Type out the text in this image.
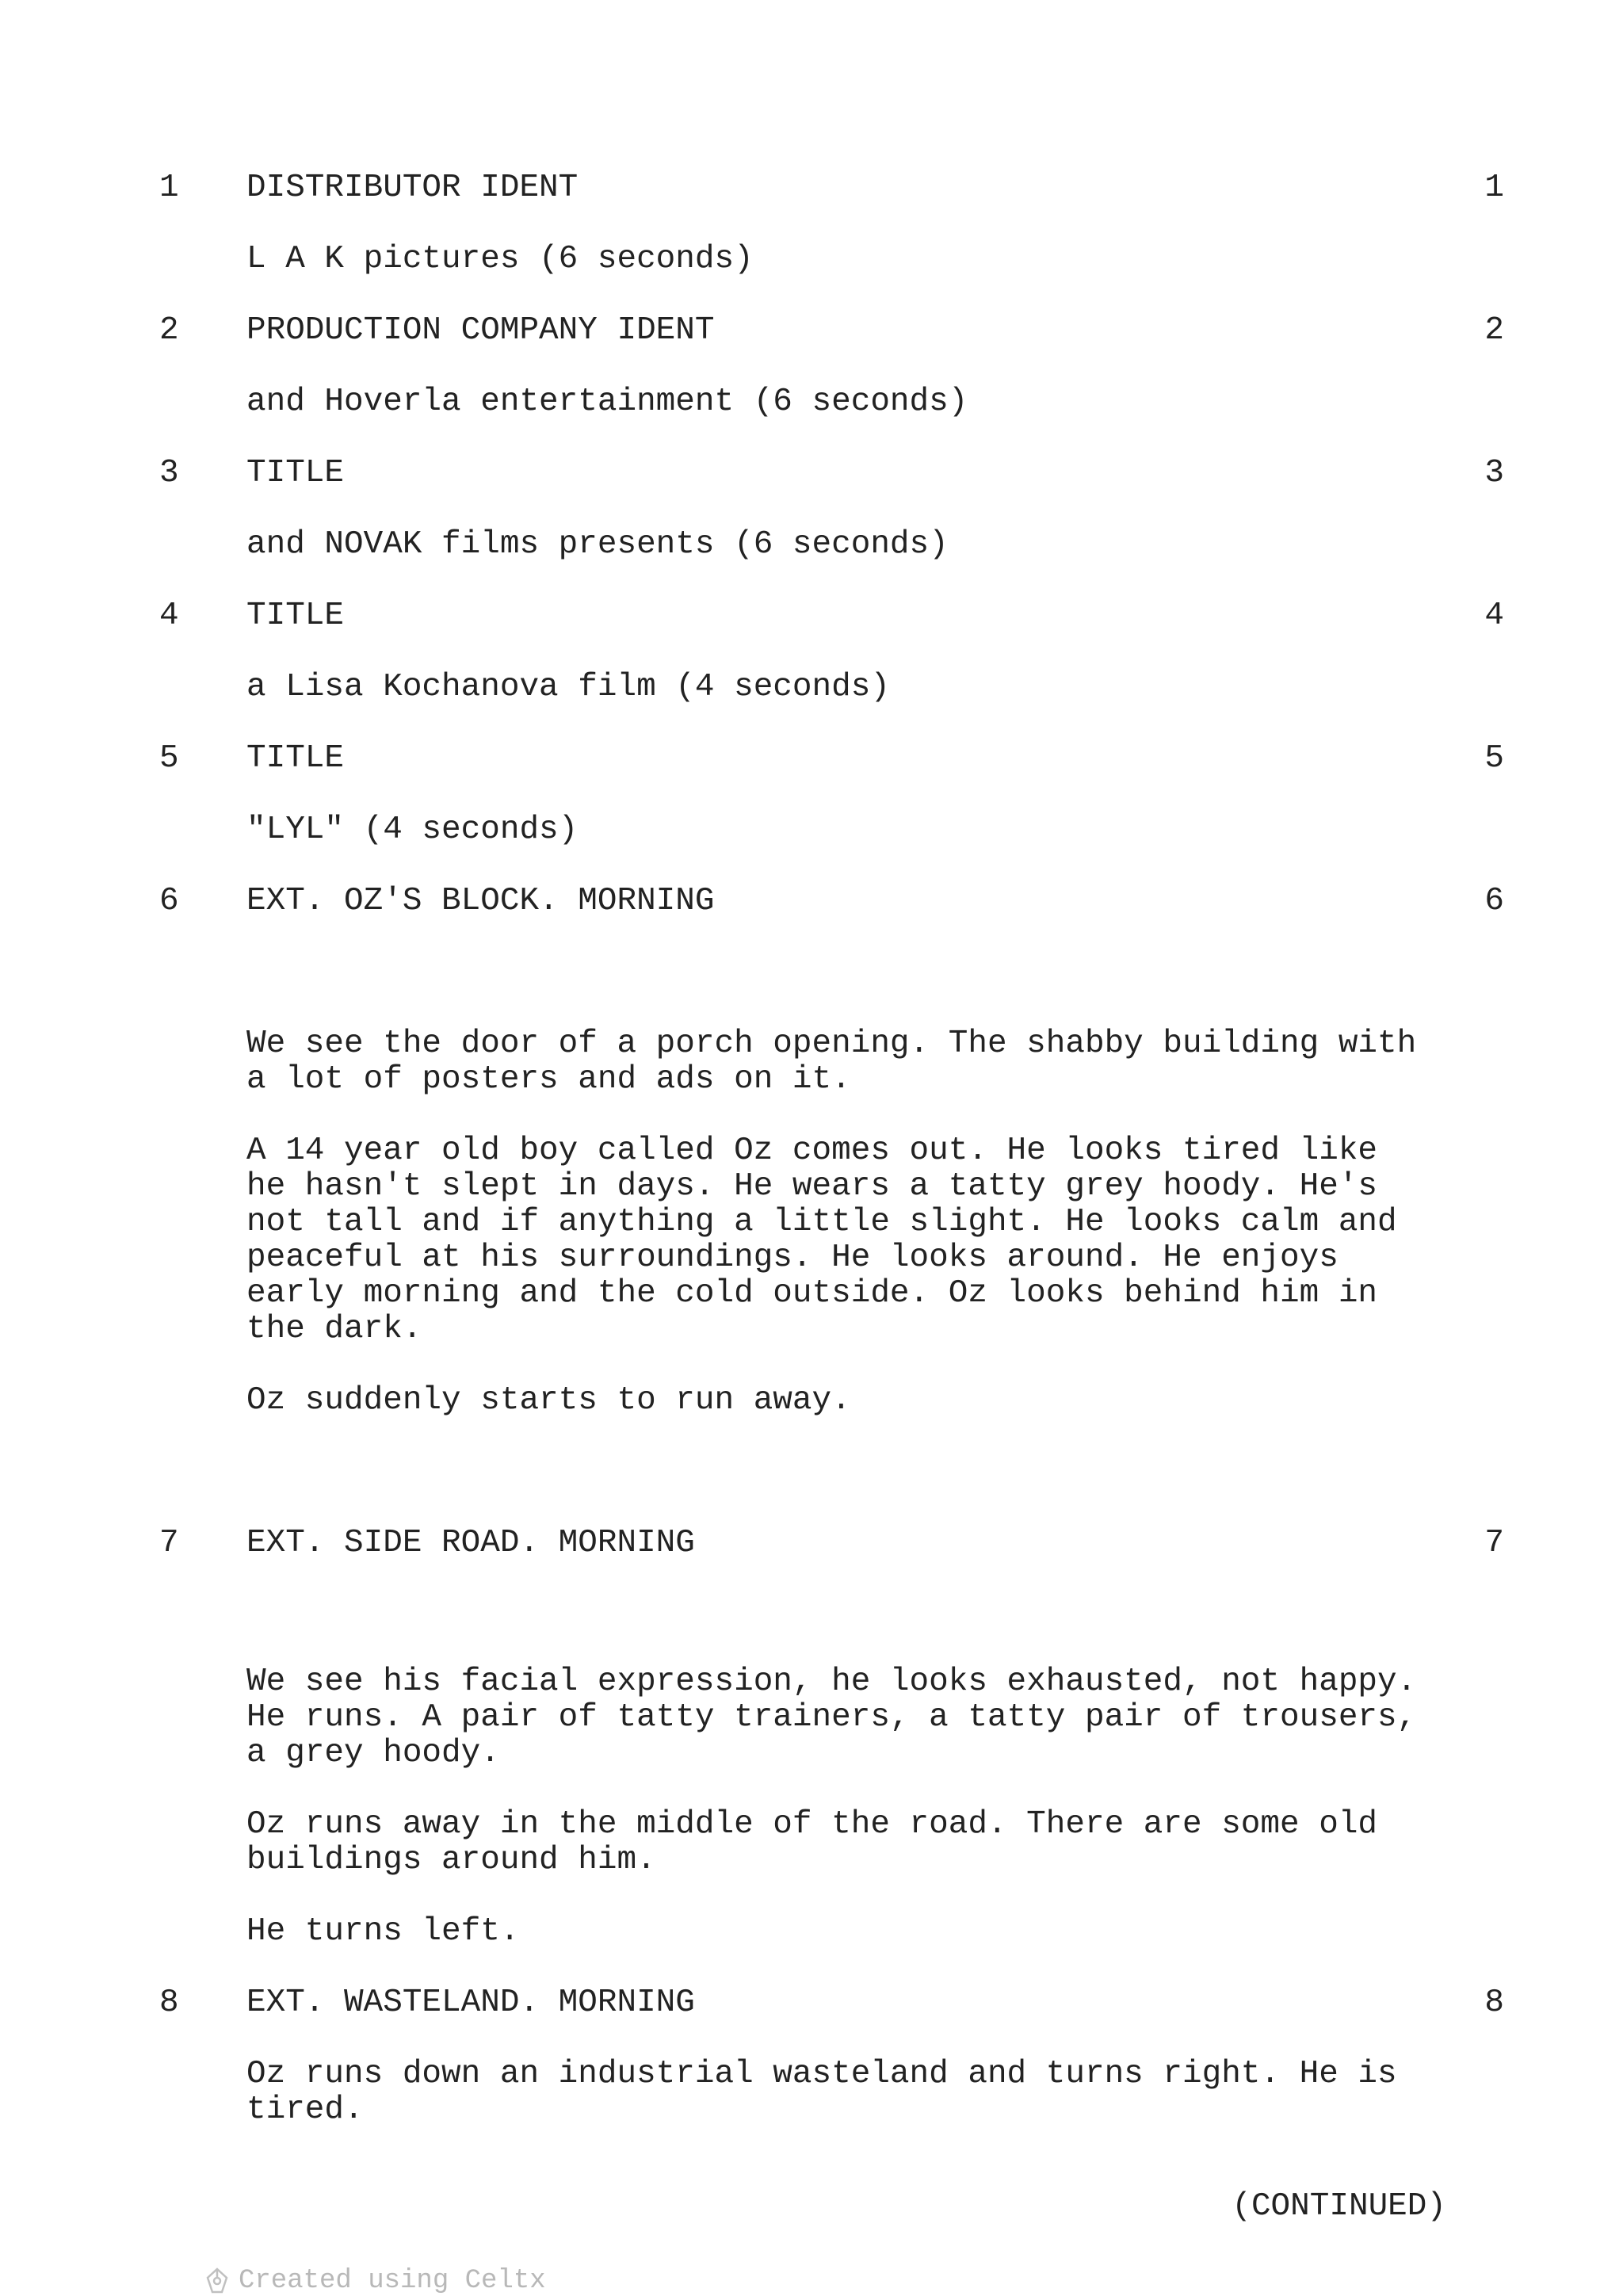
1 DISTRIBUTOR IDENT	1
L A K pictures (6 seconds)
2 PRODUCTION COMPANY IDENT	2
and Hoverla entertainment (6 seconds)
3 TITLE	3
and NOVAK films presents (6 seconds)
4 TITLE	4
a Lisa Kochanova film (4 seconds)
5 TITLE	5
"LYL" (4 seconds)
6 EXT. OZ'S BLOCK. MORNING	6
We see the door of a porch opening. The shabby building with
a lot of posters and ads on it.
A 14 year old boy called Oz comes out. He looks tired like
he hasn't slept in days. He wears a tatty grey hoody. He's
not tall and if anything a little slight. He looks calm and
peaceful at his surroundings. He looks around. He enjoys
early morning and the cold outside. Oz looks behind him in
the dark.
Oz suddenly starts to run away.
7 EXT. SIDE ROAD. MORNING	7
We see his facial expression, he looks exhausted, not happy.
He runs. A pair of tatty trainers, a tatty pair of trousers,
a grey hoody.
Oz runs away in the middle of the road. There are some old
buildings around him.
He turns left.
8 EXT. WASTELAND. MORNING	8
Oz runs down an industrial wasteland and turns right. He is
tired.
(CONTINUED)
Created using Celtx
